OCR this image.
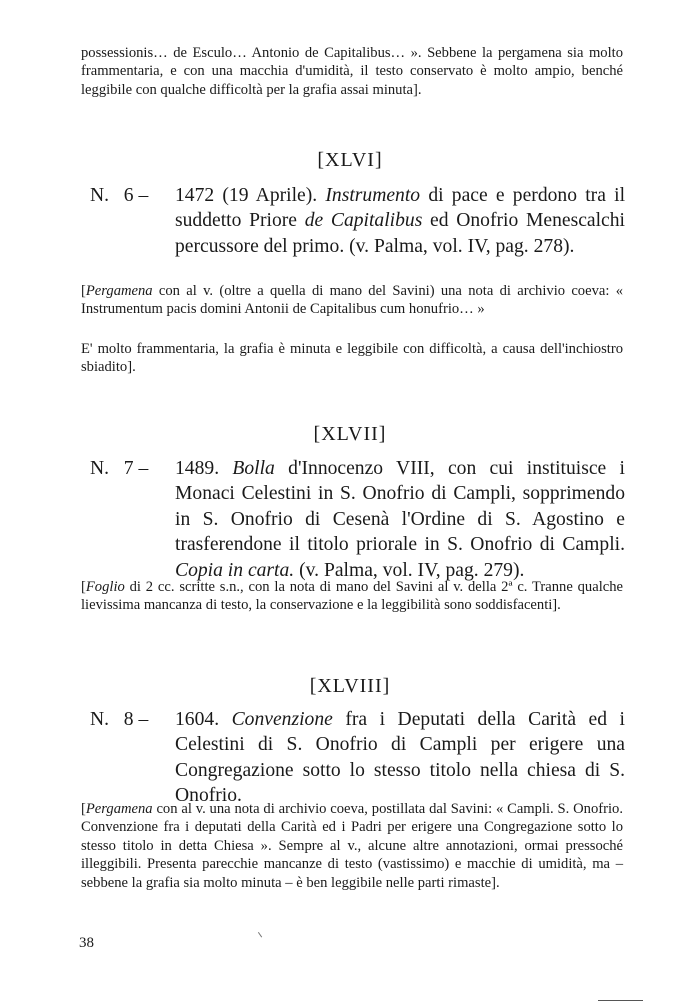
possessionis… de Esculo… Antonio de Capitalibus… ». Sebbene la pergamena sia molto frammentaria, e con una macchia d'umidità, il testo conservato è molto ampio, benché leggibile con qualche difficoltà per la grafia assai minuta].
[XLVI]
N.   6 – 1472 (19 Aprile). Instrumento di pace e perdono tra il suddetto Priore de Capitalibus ed Onofrio Menescalchi percussore del primo. (v. Palma, vol. IV, pag. 278).
[Pergamena con al v. (oltre a quella di mano del Savini) una nota di archivio coeva: « Instrumentum pacis domini Antonii de Capitalibus cum honufrio… »
E' molto frammentaria, la grafia è minuta e leggibile con difficoltà, a causa dell'inchiostro sbiadito].
[XLVII]
N.   7 – 1489. Bolla d'Innocenzo VIII, con cui instituisce i Monaci Celestini in S. Onofrio di Campli, sopprimendo in S. Onofrio di Cesenà l'Ordine di S. Agostino e trasferendone il titolo priorale in S. Onofrio di Campli. Copia in carta. (v. Palma, vol. IV, pag. 279).
[Foglio di 2 cc. scritte s.n., con la nota di mano del Savini al v. della 2ª c. Tranne qualche lievissima mancanza di testo, la conservazione e la leggibilità sono soddisfacenti].
[XLVIII]
N.   8 – 1604. Convenzione fra i Deputati della Carità ed i Celestini di S. Onofrio di Campli per erigere una Congregazione sotto lo stesso titolo nella chiesa di S. Onofrio.
[Pergamena con al v. una nota di archivio coeva, postillata dal Savini: « Campli. S. Onofrio. Convenzione fra i deputati della Carità ed i Padri per erigere una Congregazione sotto lo stesso titolo in detta Chiesa ». Sempre al v., alcune altre annotazioni, ormai pressoché illeggibili. Presenta parecchie mancanze di testo (vastissimo) e macchie di umidità, ma – sebbene la grafia sia molto minuta – è ben leggibile nelle parti rimaste].
38
